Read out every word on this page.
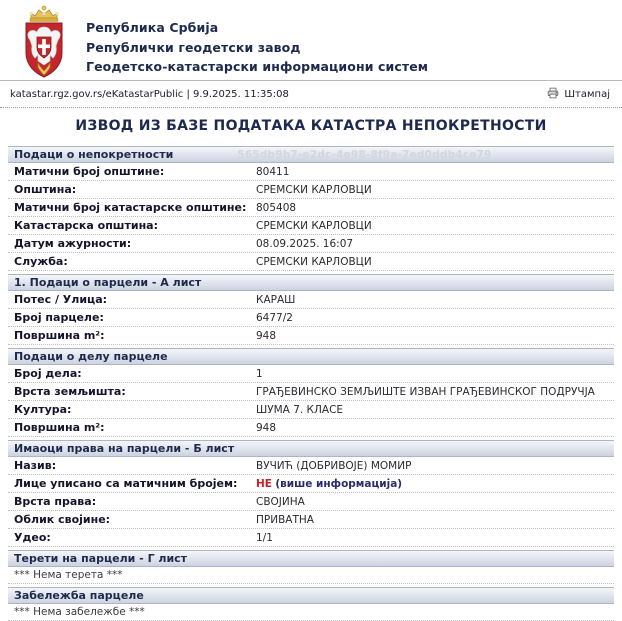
Република Србија
Републички геодетски завод
Геодетско-катастарски информациони систем
katastar.rgz.gov.rs/eKatastarPublic | 9.9.2025. 11:35:08	Штампај
ИЗВОД ИЗ БАЗЕ ПОДАТАКА КАТАСТРА НЕПОКРЕТНОСТИ
Подаци о непокретности	565db9b7-e2dc-4e98-8f9a-7ed0ddb4ce79
Матични број општине:	80411
Општина:	СРЕМСКИ КАРЛОВЦИ
Матични број катастарске општине: 805408
Катастарска општина:	СРЕМСКИ КАРЛОВЦИ
Датум ажурности:	08.09.2025. 16:07
Служба:	СРЕМСКИ КАРЛОВЦИ
1. Подаци о парцели - А лист
Потес / Улица:	КАРАШ
Број парцеле:	6477/2
Површина m²:	948
Подаци о делу парцеле
Број дела:	1
Врста земљишта:	ГРАЂЕВИНСКО ЗЕМЉИШТЕ ИЗВАН ГРАЂЕВИНСКОГ ПОДРУЧЈА
Култура:	ШУМА 7. КЛАСЕ
Површина m²:	948
Имаоци права на парцели - Б лист
Назив:	ВУЧИЋ (ДОБРИВОЈЕ) МОМИР
Лице уписано са матичним бројем:	НЕ (више информација)
Врста права:	СВОЈИНА
Облик својине:	ПРИВАТНА
Удео:	1/1
Терети на парцели - Г лист
*** Нема терета ***
Забележба парцеле
*** Нема забележбе ***
